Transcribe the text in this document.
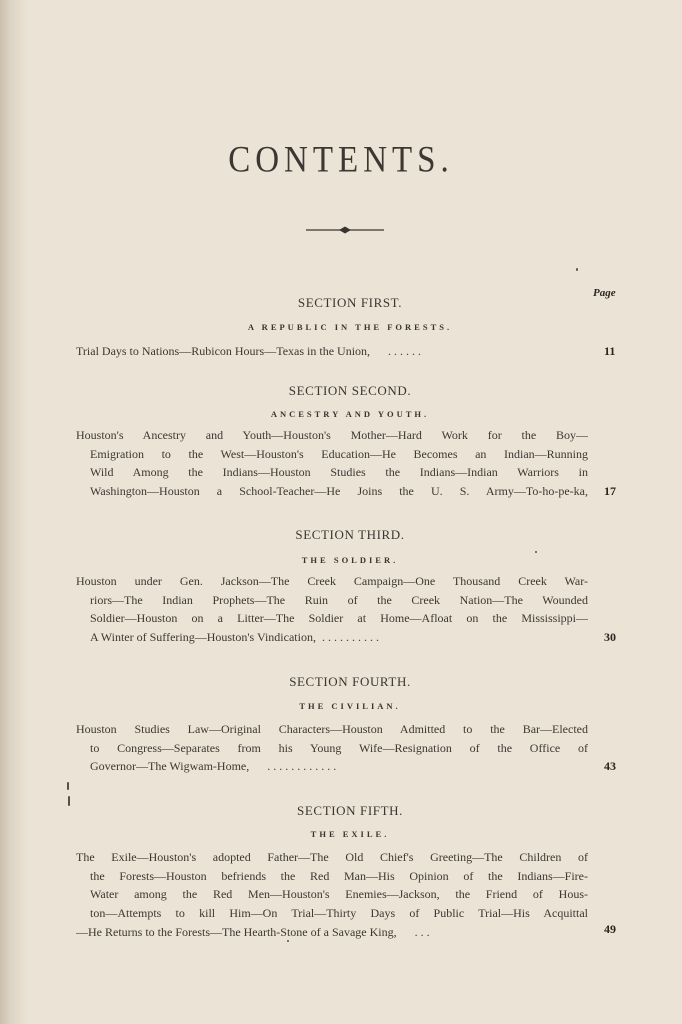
CONTENTS.
Page
SECTION FIRST.
A REPUBLIC IN THE FORESTS.
Trial Days to Nations—Rubicon Hours—Texas in the Union, . . . . . .	11
SECTION SECOND.
ANCESTRY AND YOUTH.
Houston's Ancestry and Youth—Houston's Mother—Hard Work for the Boy—
Emigration to the West—Houston's Education—He Becomes an Indian—Running
Wild Among the Indians—Houston Studies the Indians—Indian Warriors in
Washington—Houston a School-Teacher—He Joins the U. S. Army—To-ho-pe-ka, 17
SECTION THIRD.
THE SOLDIER.
Houston under Gen. Jackson—The Creek Campaign—One Thousand Creek War-
riors—The Indian Prophets—The Ruin of the Creek Nation—The Wounded
Soldier—Houston on a Litter—The Soldier at Home—Afloat on the Mississippi—
A Winter of Suffering—Houston's Vindication, . . . . . . . . . .	30
SECTION FOURTH.
THE CIVILIAN.
Houston Studies Law—Original Characters—Houston Admitted to the Bar—Elected
to Congress—Separates from his Young Wife—Resignation of the Office of
Governor—The Wigwam-Home, . . . . . . . . . . . .	43
SECTION FIFTH.
THE EXILE.
The Exile—Houston's adopted Father—The Old Chief's Greeting—The Children of
the Forests—Houston befriends the Red Man—His Opinion of the Indians—Fire-
Water among the Red Men—Houston's Enemies—Jackson, the Friend of Hous-
ton—Attempts to kill Him—On Trial—Thirty Days of Public Trial—His Acquittal
—He Returns to the Forests—The Hearth-Stone of a Savage King, . . .	49
